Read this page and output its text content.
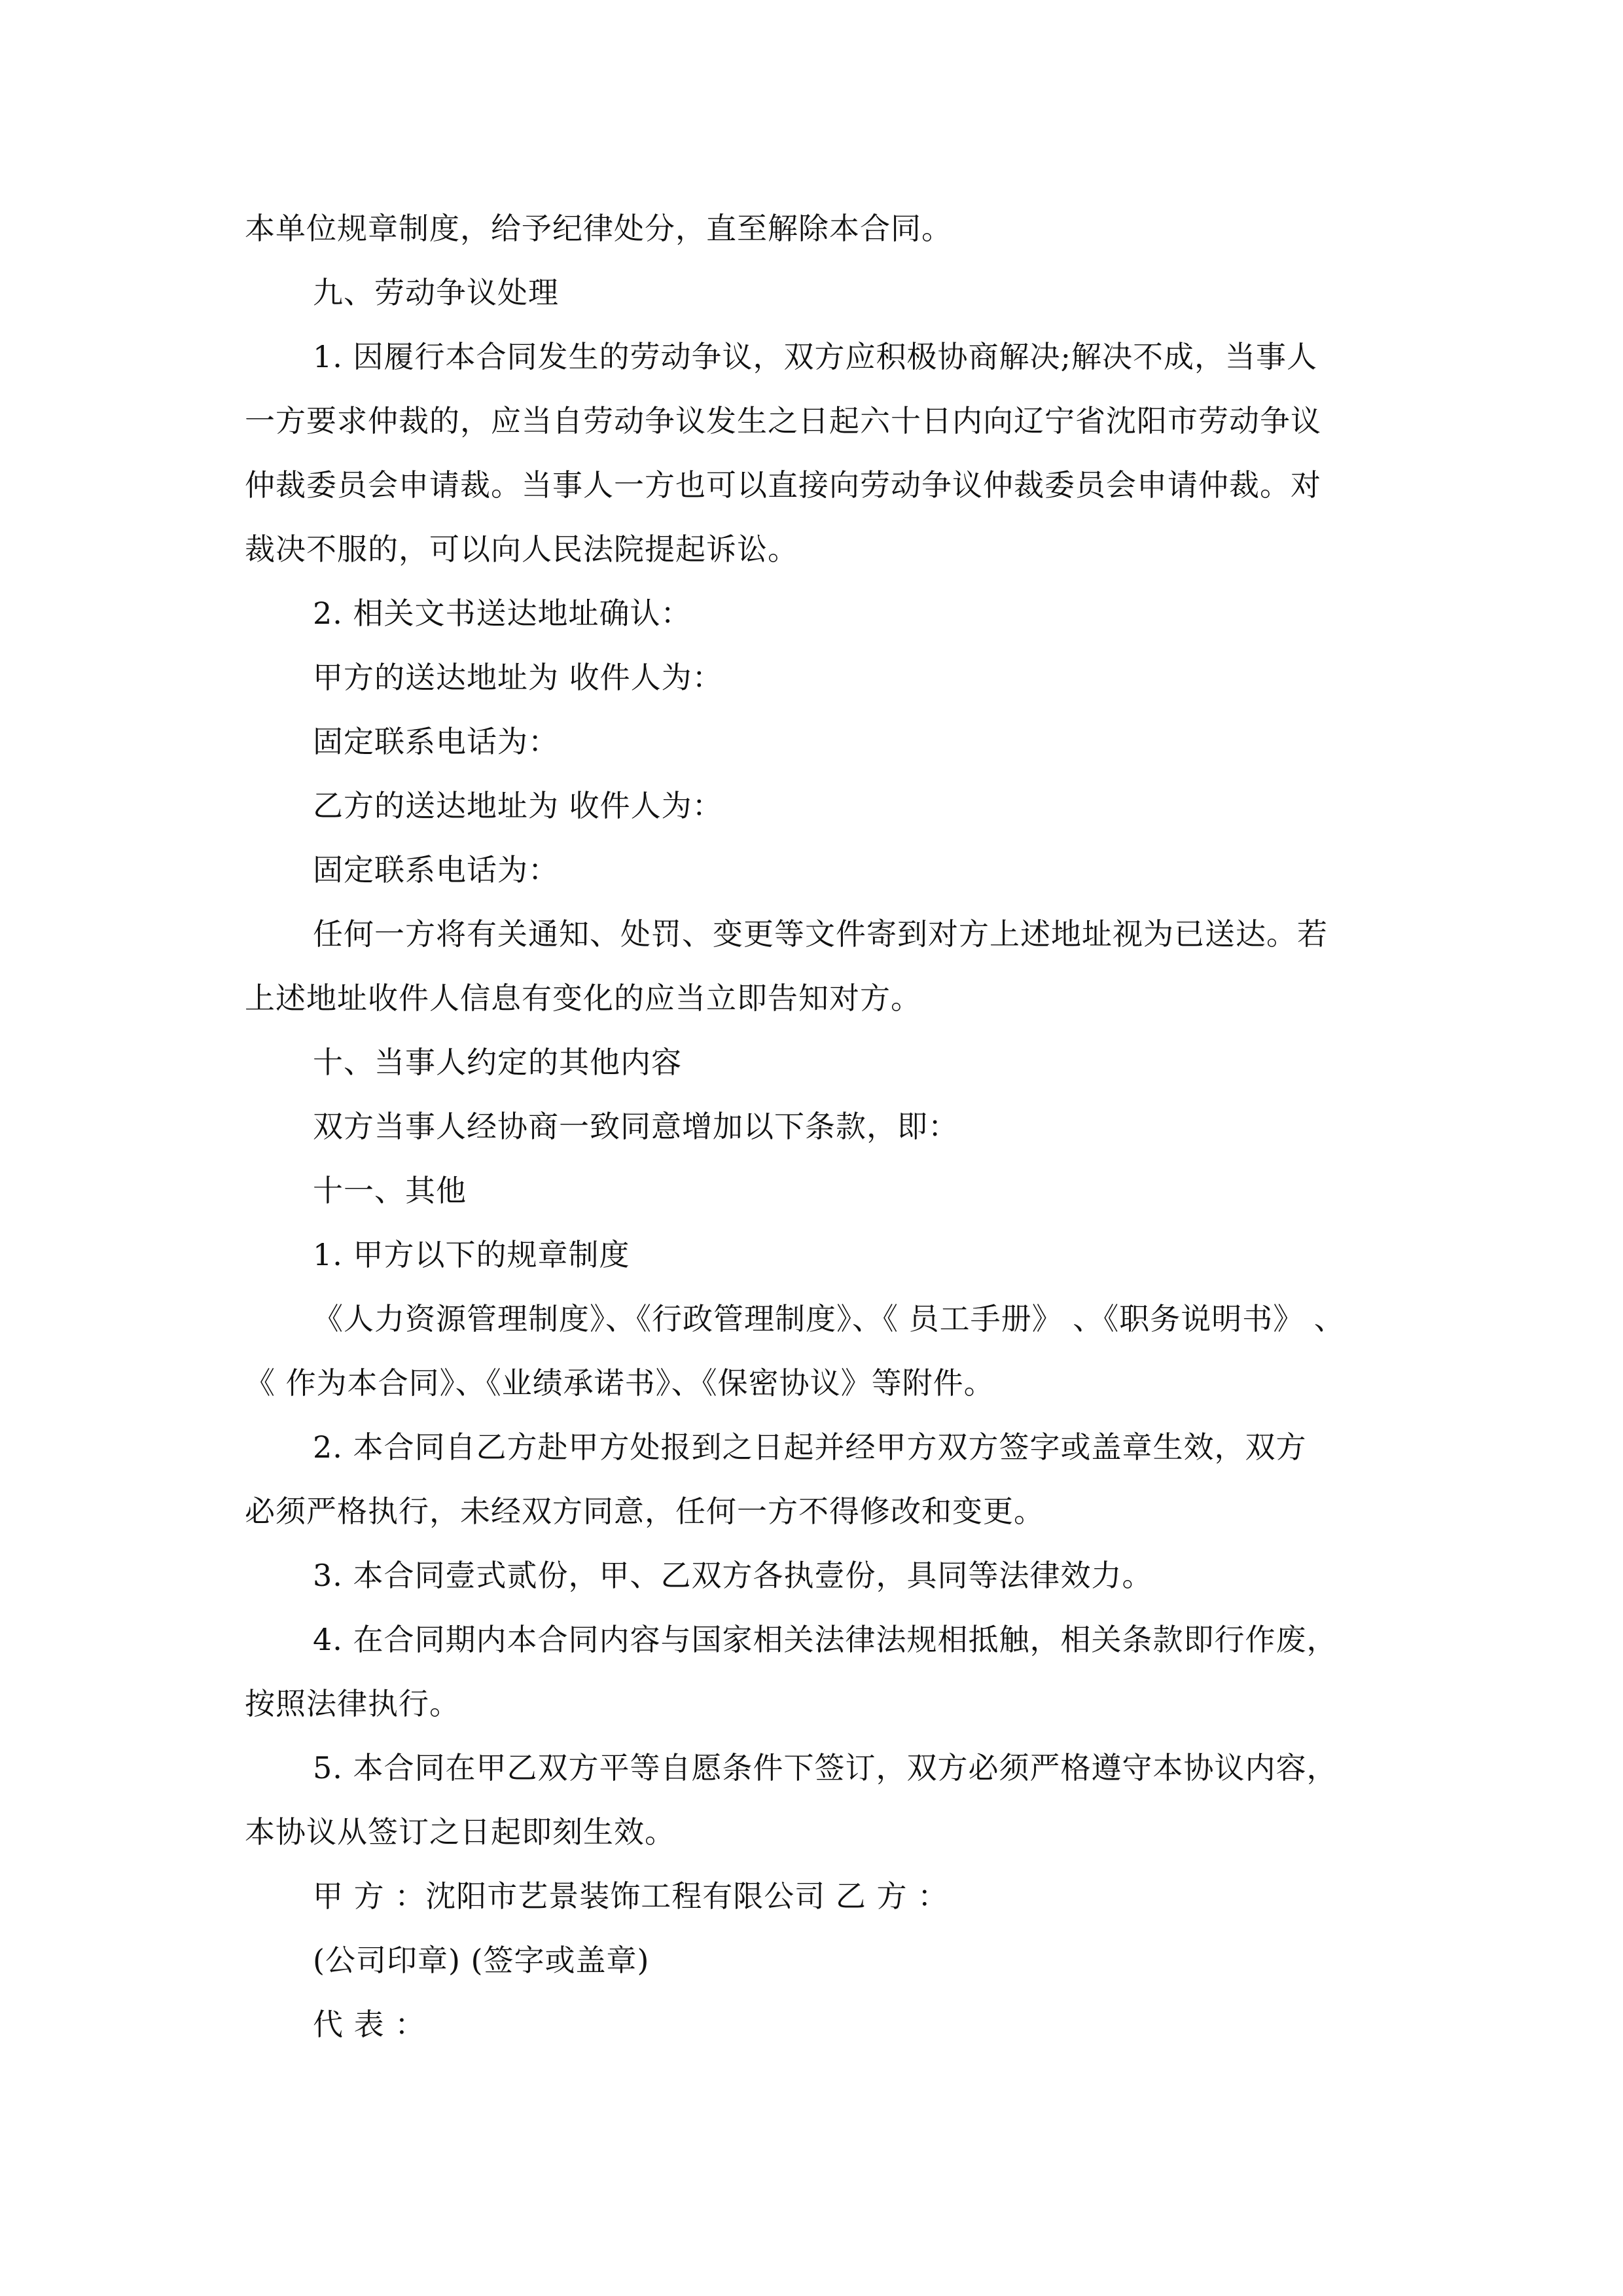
本单位规章制度，给予纪律处分，直至解除本合同。
九、劳动争议处理
1. 因履行本合同发生的劳动争议，双方应积极协商解决;解决不成，当事人
一方要求仲裁的，应当自劳动争议发生之日起六十日内向辽宁省沈阳市劳动争议
仲裁委员会申请裁。当事人一方也可以直接向劳动争议仲裁委员会申请仲裁。对
裁决不服的，可以向人民法院提起诉讼。
2. 相关文书送达地址确认：
甲方的送达地址为 收件人为：
固定联系电话为：
乙方的送达地址为 收件人为：
固定联系电话为：
任何一方将有关通知、处罚、变更等文件寄到对方上述地址视为已送达。若
上述地址收件人信息有变化的应当立即告知对方。
十、当事人约定的其他内容
双方当事人经协商一致同意增加以下条款，即：
十一、其他
1. 甲方以下的规章制度
《人力资源管理制度》、《行政管理制度》、《 员工手册》 、《职务说明书》 、
《 作为本合同》、《业绩承诺书》、《保密协议》等附件。
2. 本合同自乙方赴甲方处报到之日起并经甲方双方签字或盖章生效，双方
必须严格执行，未经双方同意，任何一方不得修改和变更。
3. 本合同壹式贰份，甲、乙双方各执壹份，具同等法律效力。
4. 在合同期内本合同内容与国家相关法律法规相抵触，相关条款即行作废，
按照法律执行。
5. 本合同在甲乙双方平等自愿条件下签订，双方必须严格遵守本协议内容，
本协议从签订之日起即刻生效。
甲 方 ：沈阳市艺景装饰工程有限公司 乙 方 ：
(公司印章) (签字或盖章)
代 表 ：
